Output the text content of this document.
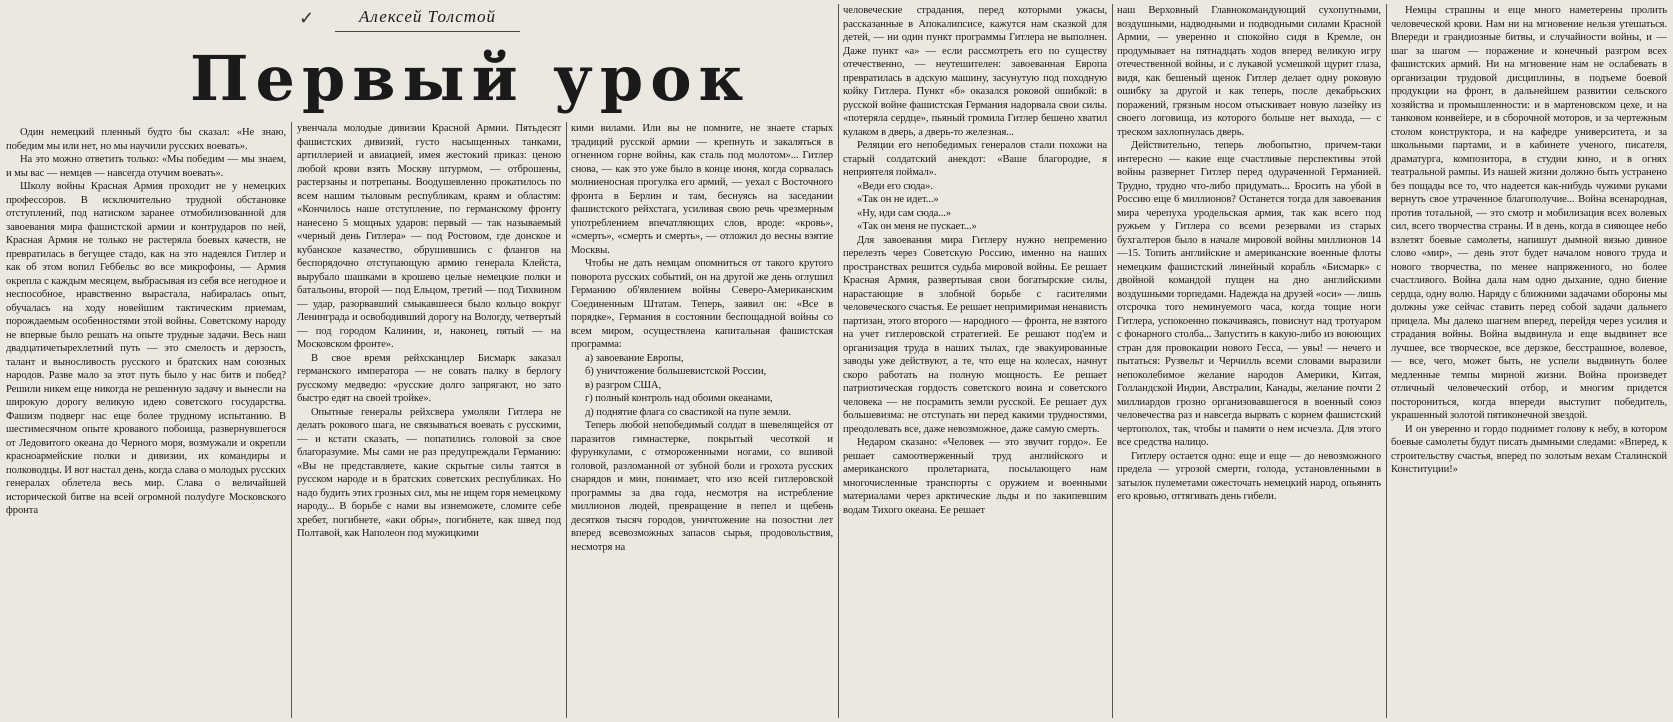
✓	Алексей Толстой
Первый урок

Один немецкий пленный будто бы сказал: «Не знаю, победим мы или нет, но мы научили русских воевать».

На это можно ответить только: «Мы победим — мы знаем, и мы вас — немцев — навсегда отучим воевать».

Школу войны Красная Армия проходит не у немецких профессоров. В исключительно трудной обстановке отступлений, под натиском заранее отмобилизованной для завоевания мира фашистской армии и контрударов по ней, Красная Армия не только не растеряла боевых качеств, не превратилась в бегущее стадо, как на это надеялся Гитлер и как об этом вопил Геббельс во все микрофоны, — Армия окрепла с каждым месяцем, выбрасывая из себя все негодное и неспособное, нравственно вырастала, набиралась опыт, обучалась на ходу новейшим тактическим приемам, порождаемым особенностями этой войны. Советскому народу не впервые было решать на опыте трудные задачи. Весь наш двадцатичетырехлетний путь — это смелость и дерзость, талант и выносливость русского и братских нам союзных народов. Разве мало за этот путь было у нас битв и побед? Решили никем еще никогда не решенную задачу и вынесли на широкую дорогу великую идею советского государства. Фашизм подверг нас еще более трудному испытанию. В шестимесячном опыте кровавого побоища, развернувшегося от Ледовитого океана до Черного моря, возмужали и окрепли красноармейские полки и дивизии, их командиры и полководцы. И вот настал день, когда слава о молодых русских генералах облетела весь мир. Слава о величайшей исторической битве на всей огромной полуdуге Московского фронта

увенчала молодые дивизии Красной Армии. Пятьдесят фашистских дивизий, густо насыщенных танками, артиллерией и авиацией, имея жестокий приказ: ценою любой крови взять Москву штурмом, — отброшены, растерзаны и потрепаны. Воодушевленно прокатилось по всем нашим тыловым республикам, краям и областям: «Кончилось наше отступление, по германскому фронту нанесено 5 мощных ударов: первый — так называемый «черный день Гитлера» — под Ростовом, где донское и кубанское казачество, обрушившись с флангов на беспорядочно отступающую армию генерала Клейста, вырубало шашками в крошево целые немецкие полки и батальоны, второй — под Ельцом, третий — под Тихвином — удар, разорвавший смыкавшееся было кольцо вокруг Ленинграда и освободивший дорогу на Вологду, четвертый — под городом Калинин, и, наконец, пятый — на Московском фронте».

В свое время рейхсканцлер Бисмарк заказал германского императора — не совать палку в берлогу русскому медведю: «русские долго запрягают, но зато быстро едят на своей тройке».

Опытные генералы рейхсвера умоляли Гитлера не делать рокового шага, не связываться воевать с русскими, — и кстати сказать, — попатились головой за свое благоразумие. Мы сами не раз предупреждали Германию: «Вы не представляете, какие скрытые силы таятся в русском народе и в братских советских республиках. Но надо будить этих грозных сил, мы не ищем горя немецкому народу... В борьбе с нами вы изнеможете, сломите себе хребет, погибнете, «аки обры», погибнете, как швед под Полтавой, как Наполеон под мужицкими

кими вилами. Или вы не помните, не знаете старых традиций русской армии — крепнуть и закаляться в огненном горне войны, как сталь под молотом»... Гитлер снова, — как это уже было в конце июня, когда сорвалась молниеносная прогулка его армий, — уехал с Восточного фронта в Берлин и там, беснуясь на заседании фашистского рейхстага, усиливая свою речь чрезмерным употреблением впечатляющих слов, вроде: «кровь», «смерть», «смерть и смерть», — отложил до весны взятие Москвы.

Чтобы не дать немцам опомниться от такого крутого поворота русских событий, он на другой же день оглушил Германию об'явлением войны Северо-Американским Соединенным Штатам. Теперь, заявил он: «Все в порядке», Германия в состоянии беспощадной войны со всем миром, осуществлена капитальная фашистская программа:

а) завоевание Европы,

б) уничтожение большевистской России,

в) разгром США,

г) полный контроль над обоими океанами,

д) поднятие флага со свастикой на пупе земли.

Теперь любой непобедимый солдат в шевелящейся от паразитов гимнастерке, покрытый чесоткой и фурункулами, с отмороженными ногами, со вшивой головой, разломанной от зубной боли и грохота русских снарядов и мин, понимает, что изо всей гитлеровской программы за два года, несмотря на истребление миллионов людей, превращение в пепел и щебень десятков тысяч городов, уничтожение на позостни лет вперед всевозможных запасов сырья, продовольствия, несмотря на

человеческие страдания, перед которыми ужасы, рассказанные в Апокалипсисе, кажутся нам сказкой для детей, — ни один пункт программы Гитлера не выполнен. Даже пункт «а» — если рассмотреть его по существу отечественно, — неутешителен: завоеванная Европа превратилась в адскую машину, засунутую под походную койку Гитлера. Пункт «б» оказался роковой ошибкой: в русской войне фашистская Германия надорвала свои силы. «потеряла сердце», пьяный громила Гитлер бешено хватил кулаком в дверь, а дверь-то железная...

Реляции его непобедимых генералов стали похожи на старый солдатский анекдот: «Ваше благородие, я неприятеля поймал».

«Веди его сюда».

«Так он не идет...»

«Ну, иди сам сюда...»

«Так он меня не пускает...»

Для завоевания мира Гитлеру нужно непременно перелезть через Советскую Россию, именно на наших пространствах решится судьба мировой войны. Ее решает Красная Армия, развертывая свои богатырские силы, нарастающие в злобной борьбе с гасителями человеческого счастья. Ее решает непримиримая ненависть партизан, этого второго — народного — фронта, не взятого на учет гитлеровской стратегией. Ее решают под'ем и организация труда в наших тылах, где эвакуированные заводы уже действуют, а те, что еще на колесах, начнут скоро работать на полную мощность. Ее решает патриотическая гордость советского воина и советского человека — не посрамить земли русской. Ее решает дух большевизма: не отступать ни перед какими трудностями, преодолевать все, даже невозможное, даже самую смерть.

Недаром сказано: «Человек — это звучит гордо». Ее решает самоотверженный труд английского и американского пролетариата, посылающего нам многочисленные транспорты с оружием и военными материалами через арктические льды и по закипевшим водам Тихого океана. Ее решает

наш Верховный Главнокомандующий сухопутными, воздушными, надводными и подводными силами Красной Армии, — уверенно и спокойно сидя в Кремле, он продумывает на пятнадцать ходов вперед великую игру отечественной войны, и с лукавой усмешкой щурит глаза, видя, как бешеный щенок Гитлер делает одну роковую ошибку за другой и как теперь, после декабрьских поражений, грязным носом отыскивает новую лазейку из своего логовища, из которого больше нет выхода, — с треском захлопнулась дверь.

Действительно, теперь любопытно, причем-таки интересно — какие еще счастливые перспективы этой войны развернет Гитлер перед одураченной Германией. Трудно, трудно что-либо придумать... Бросить на убой в Россию еще 6 миллионов? Останется тогда для завоевания мира черепуха уродельская армия, так как всего под ружьем у Гитлера со всеми резервами из старых бухгалтеров было в начале мировой войны миллионов 14—15. Топить английские и американские военные флоты немецким фашистский линейный корабль «Бисмарк» с двойной командой пущен на дно английскими воздушными торпедами. Надежда на друзей «оси» — лишь отсрочка того неминуемого часа, когда тощие ноги Гитлера, успокоенно покачиваясь, повиснут над тротуаром с фонарного столба... Запустить в какую-либо из воюющих стран для провокации нового Гесса, — увы! — нечего и пытаться: Рузвельт и Черчилль всеми словами выразили непоколебимое желание народов Америки, Китая, Голландской Индии, Австралии, Канады, желание почти 2 миллиардов грозно организовавшегося в военный союз человечества раз и навсегда вырвать с корнем фашистский чертополох, так, чтобы и памяти о нем исчезла. Для этого все средства налицо.

Гитлеру остается одно: еще и еще — до невозможного предела — угрозой смерти, голода, установленными в затылок пулеметами ожесточать немецкий народ, опьянять его кровью, оттягивать день гибели.

Немцы страшны и еще много наметерены пролить человеческой крови. Нам ни на мгновение нельзя утешаться. Впереди и грандиозные битвы, и случайности войны, и — шаг за шагом — поражение и конечный разгром всех фашистских армий. Ни на мгновение нам не ослабевать в организации трудовой дисциплины, в подъеме боевой продукции на фронт, в дальнейшем развитии сельского хозяйства и промышленности: и в мартеновском цехе, и на танковом конвейере, и в сборочной моторов, и за чертежным столом конструктора, и на кафедре университета, и за школьными партами, и в кабинете ученого, писателя, драматурга, композитора, в студии кино, и в огнях театральной рампы. Из нашей жизни должно быть устранено без пощады все то, что надеется как-нибудь чужими руками вернуть свое утраченное благополучие... Война всенародная, против тотальной, — это смотр и мобилизация всех волевых сил, всего творчества страны. И в день, когда в сияющее небо взлетят боевые самолеты, напишут дымной вязью дивное слово «мир», — день этот будет началом нового труда и нового творчества, по менее напряженного, но более счастливого. Война дала нам одно дыхание, одно биение сердца, одну волю. Наряду с ближними задачами обороны мы должны уже сейчас ставить перед собой задачи дальнего прицела. Мы далеко шагнем вперед, перейдя через усилия и страдания войны. Война выдвинула и еще выдвинет все лучшее, все творческое, все дерзкое, бесстрашное, волевое, — все, чего, может быть, не успели выдвинуть более медленные темпы мирной жизни. Война произведет отличный человеческий отбор, и многим придется посторониться, когда впереди выступит победитель, украшенный золотой пятиконечной звездой.

И он уверенно и гордо поднимет голову к небу, в котором боевые самолеты будут писать дымными следами: «Вперед, к строительству счастья, вперед по золотым вехам Сталинской Конституции!»
